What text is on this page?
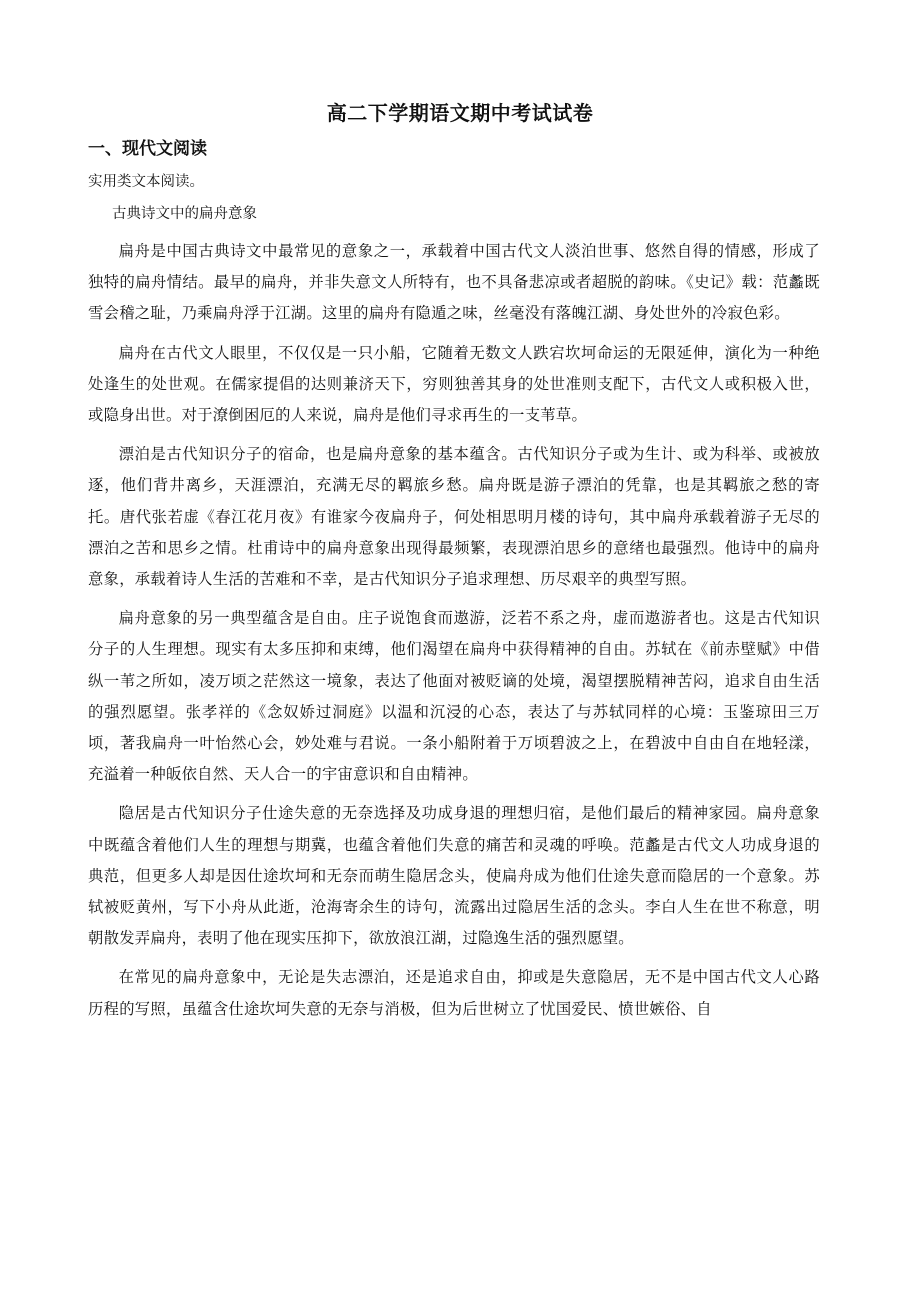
高二下学期语文期中考试试卷
一、现代文阅读
实用类文本阅读。
古典诗文中的扁舟意象

扁舟是中国古典诗文中最常见的意象之一，承载着中国古代文人淡泊世事、悠然自得的情感，形成了独特的扁舟情结。最早的扁舟，并非失意文人所特有，也不具备悲凉或者超脱的韵味。《史记》载：范蠡既雪会稽之耻，乃乘扁舟浮于江湖。这里的扁舟有隐遁之味，丝毫没有落魄江湖、身处世外的冷寂色彩。

扁舟在古代文人眼里，不仅仅是一只小船，它随着无数文人跌宕坎坷命运的无限延伸，演化为一种绝处逢生的处世观。在儒家提倡的达则兼济天下，穷则独善其身的处世准则支配下，古代文人或积极入世，或隐身出世。对于潦倒困厄的人来说，扁舟是他们寻求再生的一支苇草。

漂泊是古代知识分子的宿命，也是扁舟意象的基本蕴含。古代知识分子或为生计、或为科举、或被放逐，他们背井离乡，天涯漂泊，充满无尽的羁旅乡愁。扁舟既是游子漂泊的凭靠，也是其羁旅之愁的寄托。唐代张若虚《春江花月夜》有谁家今夜扁舟子，何处相思明月楼的诗句，其中扁舟承载着游子无尽的漂泊之苦和思乡之情。杜甫诗中的扁舟意象出现得最频繁，表现漂泊思乡的意绪也最强烈。他诗中的扁舟意象，承载着诗人生活的苦难和不幸，是古代知识分子追求理想、历尽艰辛的典型写照。

扁舟意象的另一典型蕴含是自由。庄子说饱食而遨游，泛若不系之舟，虚而遨游者也。这是古代知识分子的人生理想。现实有太多压抑和束缚，他们渴望在扁舟中获得精神的自由。苏轼在《前赤壁赋》中借纵一苇之所如，凌万顷之茫然这一境象，表达了他面对被贬谪的处境，渴望摆脱精神苦闷，追求自由生活的强烈愿望。张孝祥的《念奴娇过洞庭》以温和沉浸的心态，表达了与苏轼同样的心境：玉鉴琼田三万顷，著我扁舟一叶怡然心会，妙处难与君说。一条小船附着于万顷碧波之上，在碧波中自由自在地轻漾，充溢着一种皈依自然、天人合一的宇宙意识和自由精神。

隐居是古代知识分子仕途失意的无奈选择及功成身退的理想归宿，是他们最后的精神家园。扁舟意象中既蕴含着他们人生的理想与期冀，也蕴含着他们失意的痛苦和灵魂的呼唤。范蠡是古代文人功成身退的典范，但更多人却是因仕途坎坷和无奈而萌生隐居念头，使扁舟成为他们仕途失意而隐居的一个意象。苏轼被贬黄州，写下小舟从此逝，沧海寄余生的诗句，流露出过隐居生活的念头。李白人生在世不称意，明朝散发弄扁舟，表明了他在现实压抑下，欲放浪江湖，过隐逸生活的强烈愿望。

在常见的扁舟意象中，无论是失志漂泊，还是追求自由，抑或是失意隐居，无不是中国古代文人心路历程的写照，虽蕴含仕途坎坷失意的无奈与消极，但为后世树立了忧国爱民、愤世嫉俗、自
